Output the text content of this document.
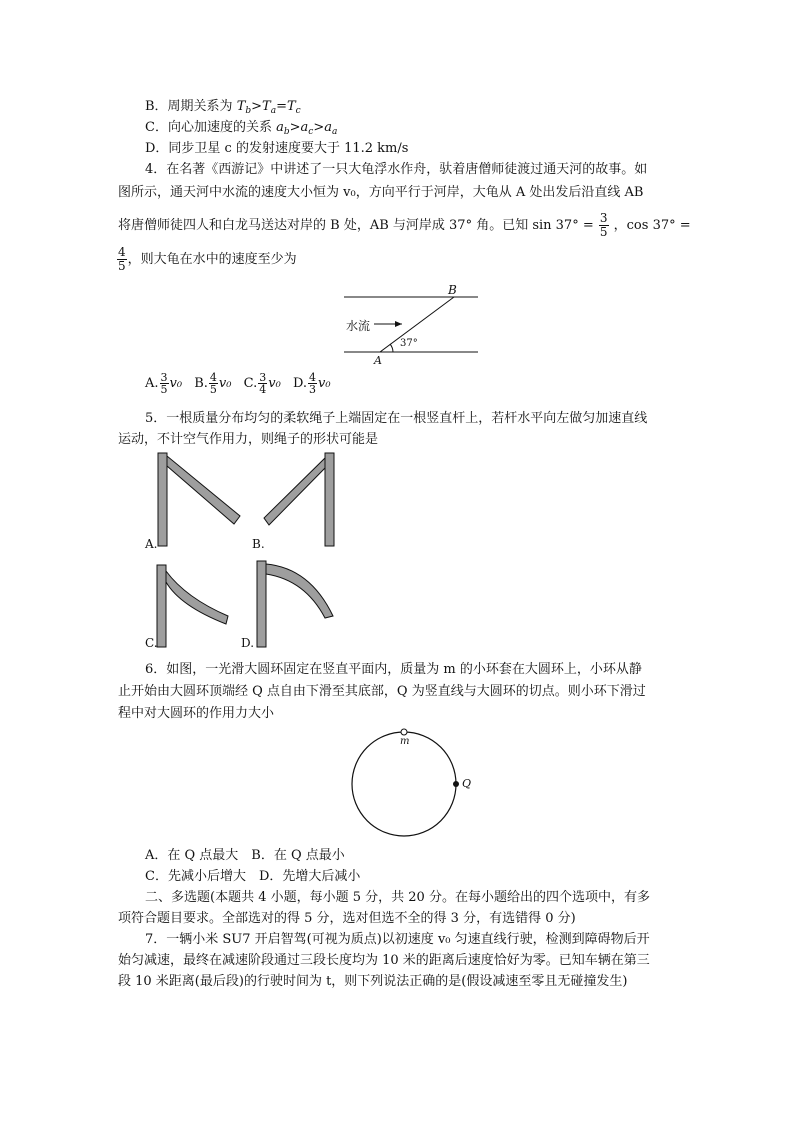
B．周期关系为 $T_b>T_a=T_c$
C．向心加速度的关系 $a_b>a_c>a_a$
D．同步卫星 c 的发射速度要大于 11.2 km/s
4．在名著《西游记》中讲述了一只大龟浮水作舟，驮着唐僧师徒渡过通天河的故事。如
图所示，通天河中水流的速度大小恒为 v₀，方向平行于河岸，大龟从 A 处出发后沿直线 AB
将唐僧师徒四人和白龙马送达对岸的 B 处，AB 与河岸成 37° 角。已知 $\sin 37^\circ = \frac{3}{5}$ ，cos 37° =
$\frac{4}{5}$ ，则大龟在水中的速度至少为
B
A
水流
37°
A. $\frac{3}{5} v_0$ B. $\frac{4}{5} v_0$ C. $\frac{3}{4} v_0$ D. $\frac{4}{3} v_0$
5．一根质量分布均匀的柔软绳子上端固定在一根竖直杆上，若杆水平向左做匀加速直线
运动，不计空气作用力，则绳子的形状可能是
A.	B.
C.	D.
6．如图，一光滑大圆环固定在竖直平面内，质量为 m 的小环套在大圆环上，小环从静
止开始由大圆环顶端经 Q 点自由下滑至其底部，Q 为竖直线与大圆环的切点。则小环下滑过
程中对大圆环的作用力大小
m
Q
A．在 Q 点最大　B．在 Q 点最小
C．先减小后增大　D．先增大后减小
二、多选题(本题共 4 小题，每小题 5 分，共 20 分。在每小题给出的四个选项中，有多
项符合题目要求。全部选对的得 5 分，选对但选不全的得 3 分，有选错得 0 分)
7．一辆小米 SU7 开启智驾(可视为质点)以初速度 v₀ 匀速直线行驶，检测到障碍物后开
始匀减速，最终在减速阶段通过三段长度均为 10 米的距离后速度恰好为零。已知车辆在第三
段 10 米距离(最后段)的行驶时间为 t，则下列说法正确的是(假设减速至零且无碰撞发生)
